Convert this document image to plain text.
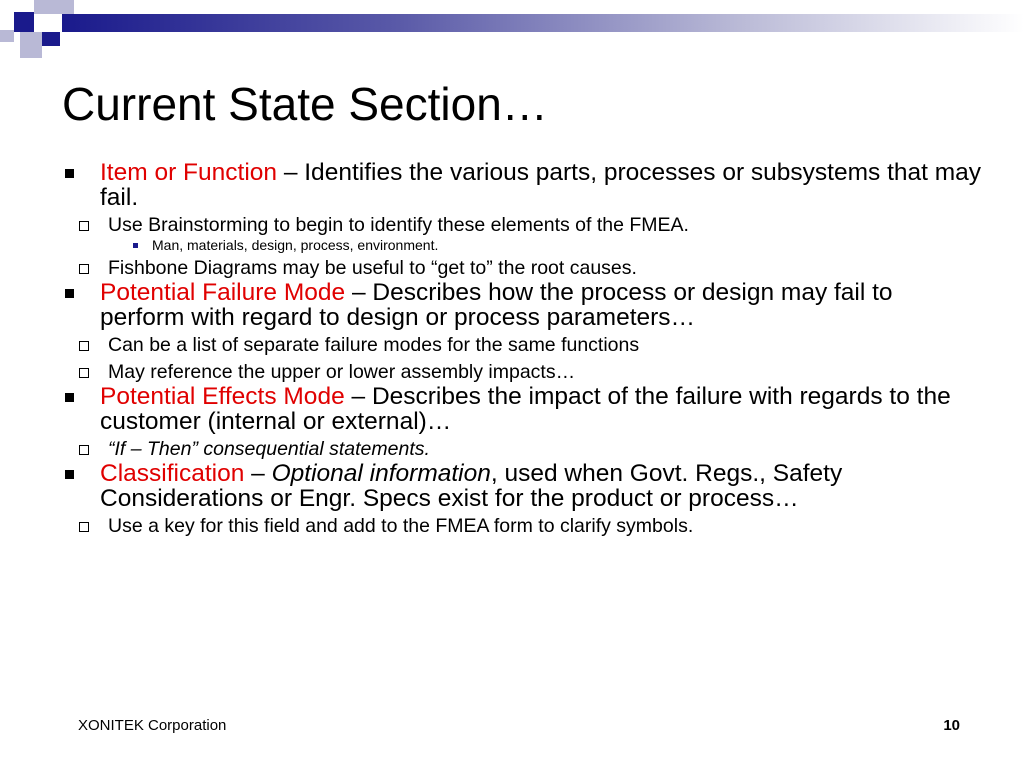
Current State Section…
Item or Function – Identifies the various parts, processes or subsystems that may fail.
Use Brainstorming to begin to identify these elements of the FMEA.
Man, materials, design, process, environment.
Fishbone Diagrams may be useful to “get to” the root causes.
Potential Failure Mode – Describes how the process or design may fail to perform with regard to design or process parameters…
Can be a list of separate failure modes for the same functions
May reference the upper or lower assembly impacts…
Potential Effects Mode – Describes the impact of the failure with regards to the customer (internal or external)…
“If – Then” consequential statements.
Classification – Optional information, used when Govt. Regs., Safety Considerations or Engr. Specs exist for the product or process…
Use a key for this field and add to the FMEA form to clarify symbols.
XONITEK Corporation	10
